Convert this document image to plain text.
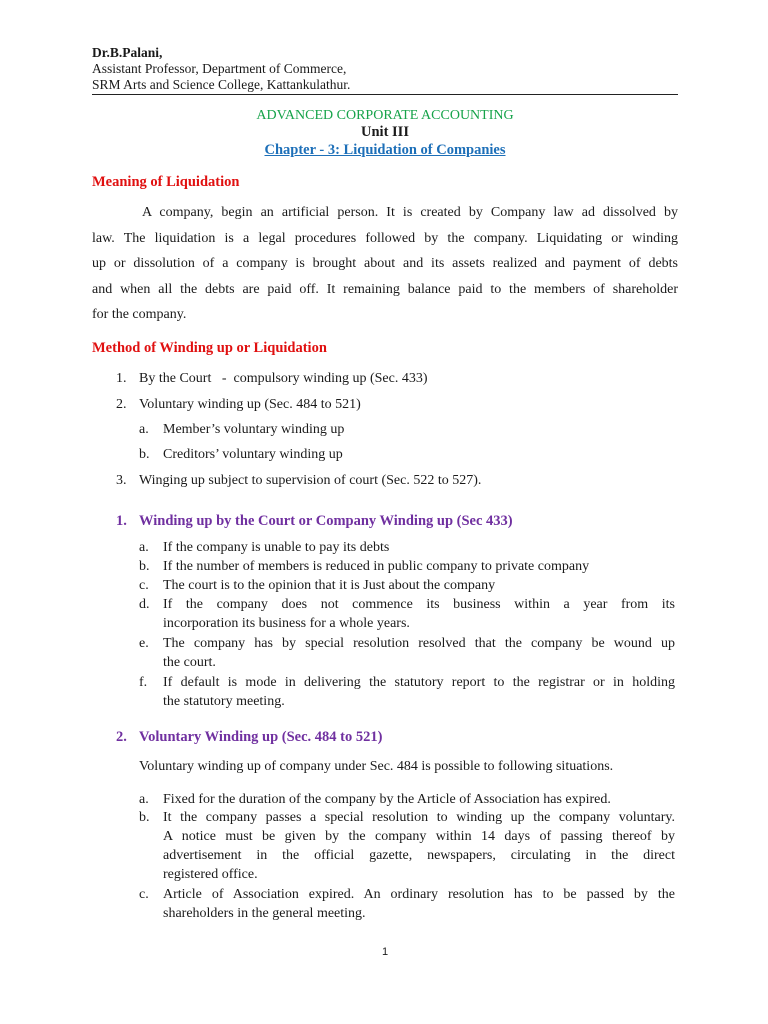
Dr.B.Palani,
Assistant Professor, Department of Commerce,
SRM Arts and Science College, Kattankulathur.
ADVANCED CORPORATE ACCOUNTING
Unit III
Chapter - 3: Liquidation of Companies
Meaning of Liquidation
A company, begin an artificial person. It is created by Company law ad dissolved by
law. The liquidation is a legal procedures followed by the company. Liquidating or winding
up or dissolution of a company is brought about and its assets realized and payment of debts
and when all the debts are paid off. It remaining balance paid to the members of shareholder
for the company.
Method of Winding up or Liquidation
1. By the Court   -  compulsory winding up (Sec. 433)
2. Voluntary winding up (Sec. 484 to 521)
a. Member’s voluntary winding up
b. Creditors’ voluntary winding up
3. Winging up subject to supervision of court (Sec. 522 to 527).
1. Winding up by the Court or Company Winding up (Sec 433)
a. If the company is unable to pay its debts
b. If the number of members is reduced in public company to private company
c. The court is to the opinion that it is Just about the company
d. If the company does not commence its business within a year from its
incorporation its business for a whole years.
e. The company has by special resolution resolved that the company be wound up
the court.
f. If default is mode in delivering the statutory report to the registrar or in holding
the statutory meeting.
2. Voluntary Winding up (Sec. 484 to 521)
Voluntary winding up of company under Sec. 484 is possible to following situations.
a. Fixed for the duration of the company by the Article of Association has expired.
b. It the company passes a special resolution to winding up the company voluntary.
A notice must be given by the company within 14 days of passing thereof by
advertisement in the official gazette, newspapers, circulating in the direct
registered office.
c. Article of Association expired. An ordinary resolution has to be passed by the
shareholders in the general meeting.
1
